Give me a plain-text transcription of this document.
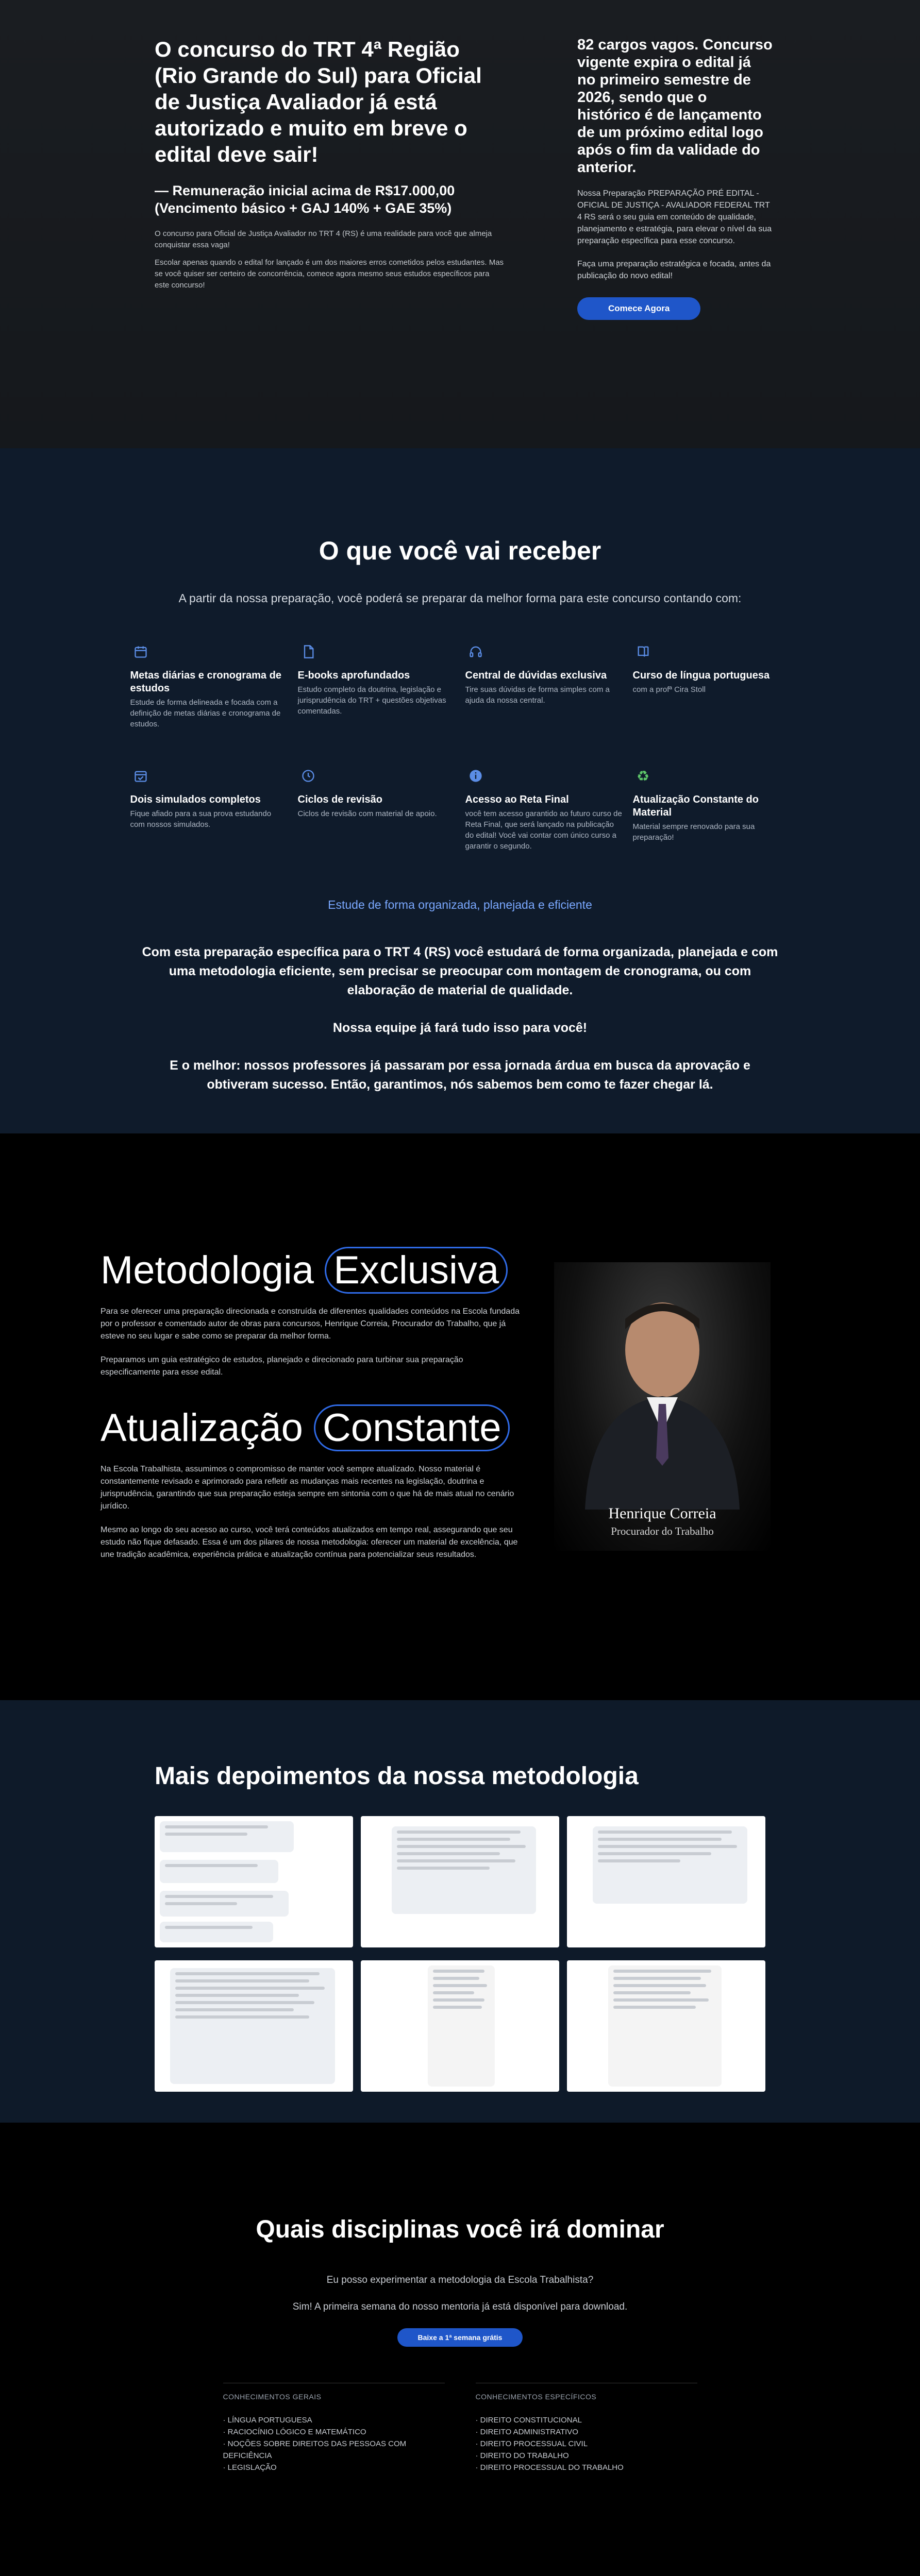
O concurso do TRT 4ª Região (Rio Grande do Sul) para Oficial de Justiça Avaliador já está autorizado e muito em breve o edital deve sair!
— Remuneração inicial acima de R$17.000,00 (Vencimento básico + GAJ 140% + GAE 35%)

O concurso para Oficial de Justiça Avaliador no TRT 4 (RS) é uma realidade para você que almeja conquistar essa vaga!

Escolar apenas quando o edital for lançado é um dos maiores erros cometidos pelos estudantes. Mas se você quiser ser certeiro de concorrência, comece agora mesmo seus estudos específicos para este concurso!

82 cargos vagos. Concurso vigente expira o edital já no primeiro semestre de 2026, sendo que o histórico é de lançamento de um próximo edital logo após o fim da validade do anterior.

Nossa Preparação PREPARAÇÃO PRÉ EDITAL - OFICIAL DE JUSTIÇA - AVALIADOR FEDERAL TRT 4 RS será o seu guia em conteúdo de qualidade, planejamento e estratégia, para elevar o nível da sua preparação específica para esse concurso.

Faça uma preparação estratégica e focada, antes da publicação do novo edital!

Comece Agora
O que você vai receber

A partir da nossa preparação, você poderá se preparar da melhor forma para este concurso contando com:

Metas diárias e cronograma de estudos
Estude de forma delineada e focada com a definição de metas diárias e cronograma de estudos.
E-books aprofundados
Estudo completo da doutrina, legislação e jurisprudência do TRT + questões objetivas comentadas.
Central de dúvidas exclusiva
Tire suas dúvidas de forma simples com a ajuda da nossa central.
Curso de língua portuguesa
com a profª Cira Stoll
Dois simulados completos
Fique afiado para a sua prova estudando com nossos simulados.
Ciclos de revisão
Ciclos de revisão com material de apoio.
Acesso ao Reta Final
você tem acesso garantido ao futuro curso de Reta Final, que será lançado na publicação do edital! Você vai contar com único curso a garantir o segundo.
♻
Atualização Constante do Material
Material sempre renovado para sua preparação!

Estude de forma organizada, planejada e eficiente

Com esta preparação específica para o TRT 4 (RS) você estudará de forma organizada, planejada e com uma metodologia eficiente, sem precisar se preocupar com montagem de cronograma, ou com elaboração de material de qualidade.

Nossa equipe já fará tudo isso para você!

E o melhor: nossos professores já passaram por essa jornada árdua em busca da aprovação e obtiveram sucesso. Então, garantimos, nós sabemos bem como te fazer chegar lá.

Metodologia Exclusiva

Para se oferecer uma preparação direcionada e construída de diferentes qualidades conteúdos na Escola fundada por o professor e comentado autor de obras para concursos, Henrique Correia, Procurador do Trabalho, que já esteve no seu lugar e sabe como se preparar da melhor forma.

Preparamos um guia estratégico de estudos, planejado e direcionado para turbinar sua preparação especificamente para esse edital.

Atualização Constante

Na Escola Trabalhista, assumimos o compromisso de manter você sempre atualizado. Nosso material é constantemente revisado e aprimorado para refletir as mudanças mais recentes na legislação, doutrina e jurisprudência, garantindo que sua preparação esteja sempre em sintonia com o que há de mais atual no cenário jurídico.

Mesmo ao longo do seu acesso ao curso, você terá conteúdos atualizados em tempo real, assegurando que seu estudo não fique defasado. Essa é um dos pilares de nossa metodologia: oferecer um material de excelência, que une tradição acadêmica, experiência prática e atualização contínua para potencializar seus resultados.

Henrique Correia
Procurador do Trabalho
Mais depoimentos da nossa metodologia
Quais disciplinas você irá dominar

Eu posso experimentar a metodologia da Escola Trabalhista?

Sim! A primeira semana do nosso mentoria já está disponível para download.

Baixe a 1ª semana grátis
CONHECIMENTOS GERAIS
· LÍNGUA PORTUGUESA
· RACIOCÍNIO LÓGICO E MATEMÁTICO
· NOÇÕES SOBRE DIREITOS DAS PESSOAS COM DEFICIÊNCIA
· LEGISLAÇÃO
CONHECIMENTOS ESPECÍFICOS
· DIREITO CONSTITUCIONAL
· DIREITO ADMINISTRATIVO
· DIREITO PROCESSUAL CIVIL
· DIREITO DO TRABALHO
· DIREITO PROCESSUAL DO TRABALHO
